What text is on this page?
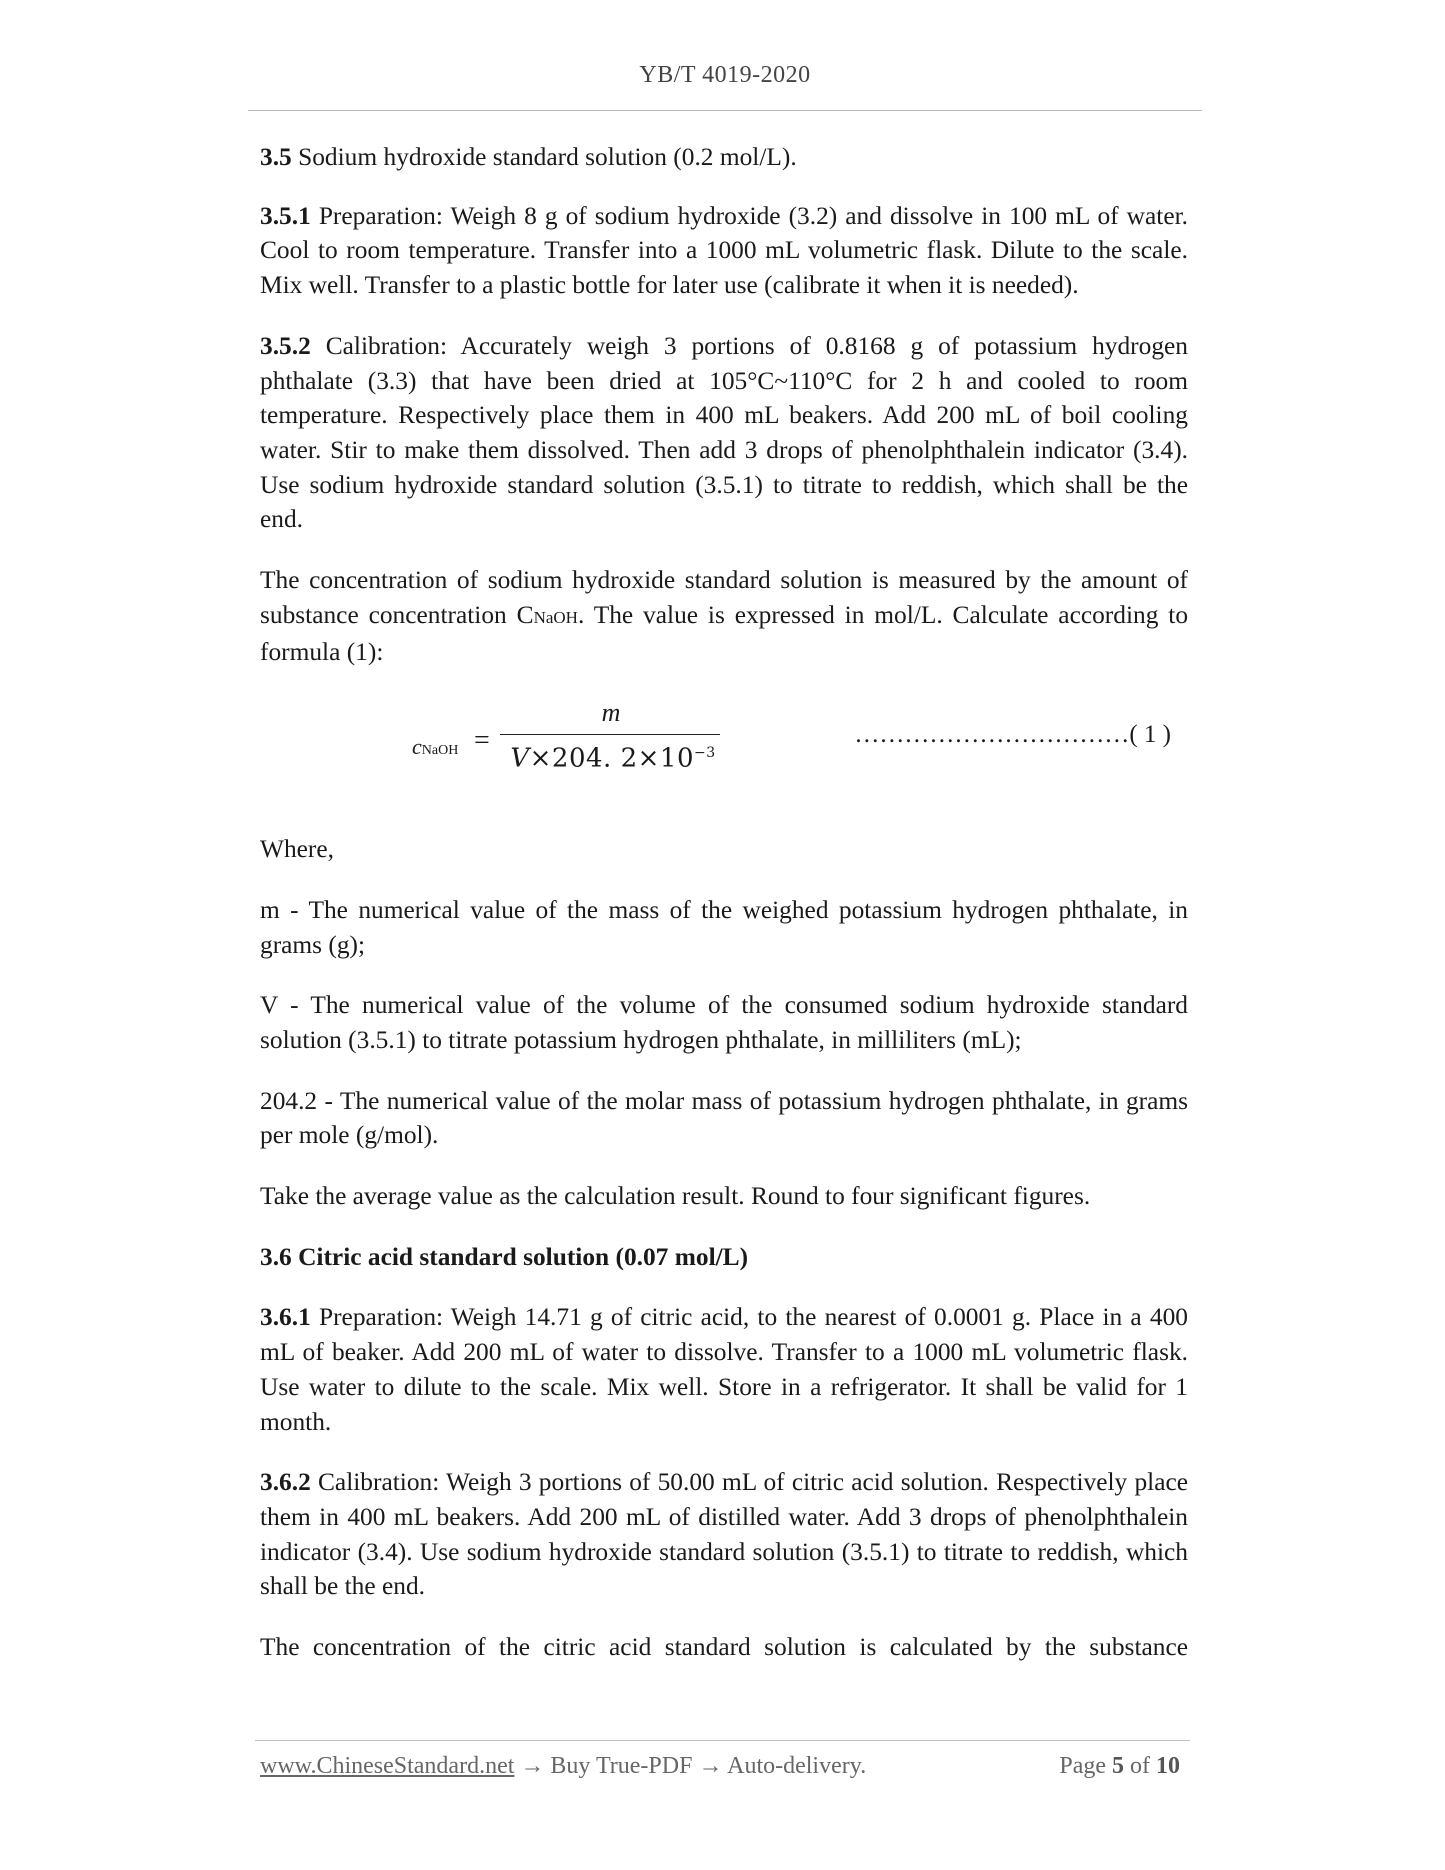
YB/T 4019-2020

3.5 Sodium hydroxide standard solution (0.2 mol/L).

3.5.1 Preparation: Weigh 8 g of sodium hydroxide (3.2) and dissolve in 100 mL of water. Cool to room temperature. Transfer into a 1000 mL volumetric flask. Dilute to the scale. Mix well. Transfer to a plastic bottle for later use (calibrate it when it is needed).

3.5.2 Calibration: Accurately weigh 3 portions of 0.8168 g of potassium hydrogen phthalate (3.3) that have been dried at 105°C~110°C for 2 h and cooled to room temperature. Respectively place them in 400 mL beakers. Add 200 mL of boil cooling water. Stir to make them dissolved. Then add 3 drops of phenolphthalein indicator (3.4). Use sodium hydroxide standard solution (3.5.1) to titrate to reddish, which shall be the end.

The concentration of sodium hydroxide standard solution is measured by the amount of substance concentration CNaOH. The value is expressed in mol/L. Calculate according to formula (1):

cNaOH =
m
V×204. $2\times 10^{-3}$
……………………………( 1 )

Where,

m - The numerical value of the mass of the weighed potassium hydrogen phthalate, in grams (g);

V - The numerical value of the volume of the consumed sodium hydroxide standard solution (3.5.1) to titrate potassium hydrogen phthalate, in milliliters (mL);

204.2 - The numerical value of the molar mass of potassium hydrogen phthalate, in grams per mole (g/mol).

Take the average value as the calculation result. Round to four significant figures.

3.6 Citric acid standard solution (0.07 mol/L)

3.6.1 Preparation: Weigh 14.71 g of citric acid, to the nearest of 0.0001 g. Place in a 400 mL of beaker. Add 200 mL of water to dissolve. Transfer to a 1000 mL volumetric flask. Use water to dilute to the scale. Mix well. Store in a refrigerator. It shall be valid for 1 month.

3.6.2 Calibration: Weigh 3 portions of 50.00 mL of citric acid solution. Respectively place them in 400 mL beakers. Add 200 mL of distilled water. Add 3 drops of phenolphthalein indicator (3.4). Use sodium hydroxide standard solution (3.5.1) to titrate to reddish, which shall be the end.

The concentration of the citric acid standard solution is calculated by the substance

www.ChineseStandard.net → Buy True-PDF → Auto-delivery.	Page 5 of 10
